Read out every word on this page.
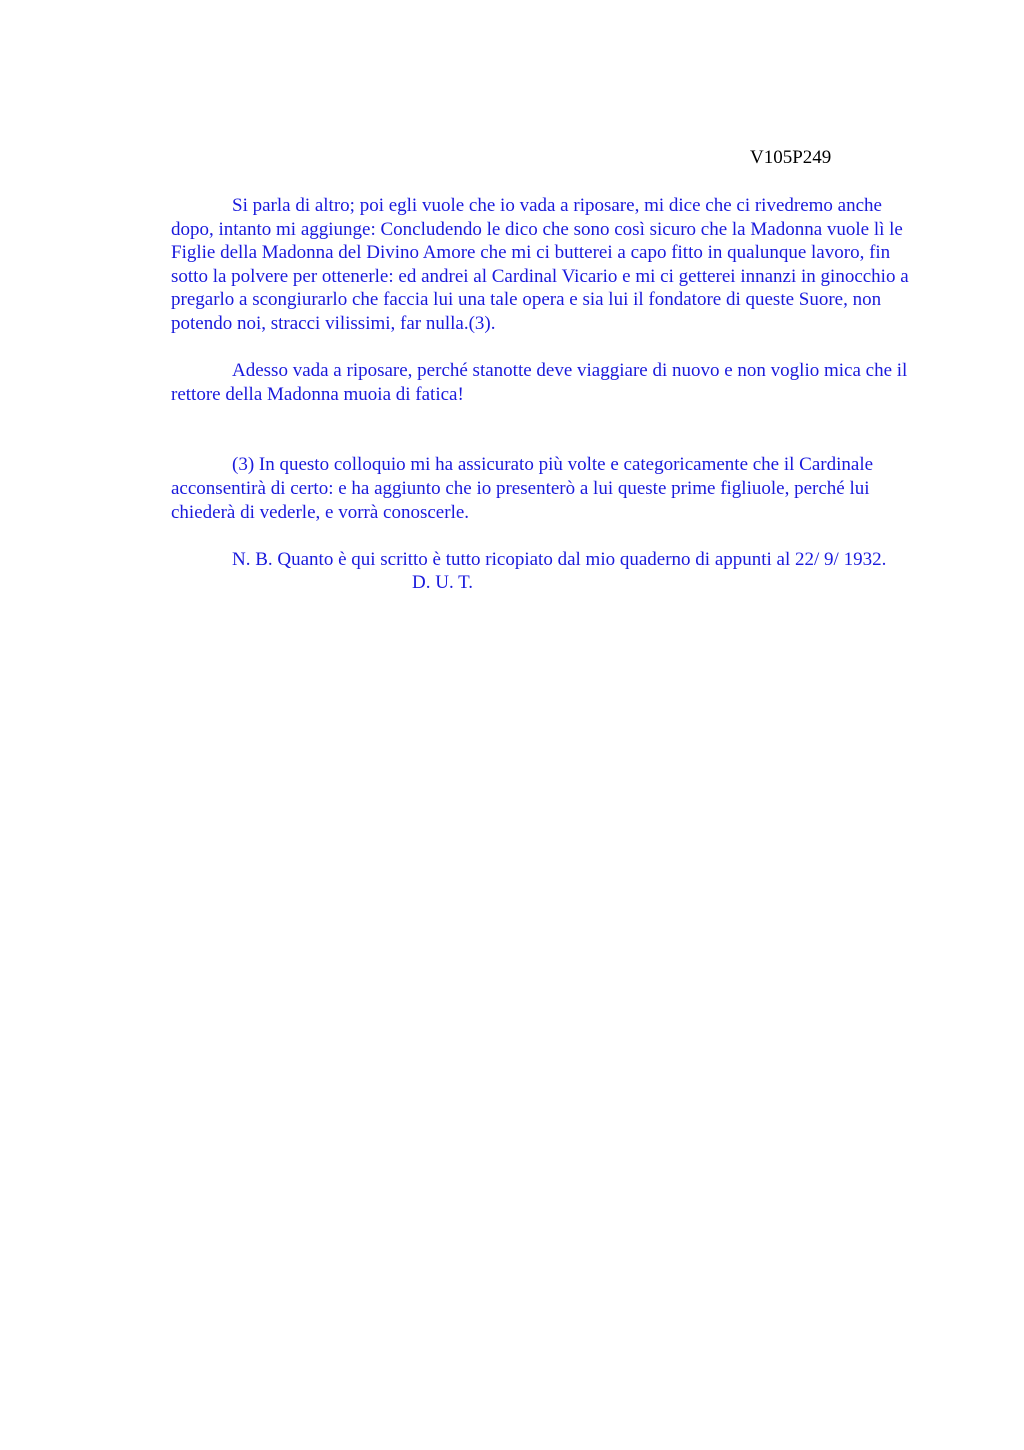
V105P249

Si parla di altro; poi egli vuole che io vada a riposare, mi dice che ci rivedremo anche dopo, intanto mi aggiunge: Concludendo le dico che sono così sicuro che la Madonna vuole lì le Figlie della Madonna del Divino Amore che mi ci butterei a capo fitto in qualunque lavoro, fin sotto la polvere per ottenerle: ed andrei al Cardinal Vicario e mi ci getterei innanzi in ginocchio a pregarlo a scongiurarlo che faccia lui una tale opera e sia lui il fondatore di queste Suore, non potendo noi, stracci vilissimi, far nulla.(3).

Adesso vada a riposare, perché stanotte deve viaggiare di nuovo e non voglio mica che il rettore della Madonna muoia di fatica!

(3) In questo colloquio mi ha assicurato più volte e categoricamente che il Cardinale acconsentirà di certo: e ha aggiunto che io presenterò a lui queste prime figliuole, perché lui chiederà di vederle, e vorrà conoscerle.

N. B. Quanto è qui scritto è tutto ricopiato dal mio quaderno di appunti al 22/ 9/ 1932.

D. U. T.
